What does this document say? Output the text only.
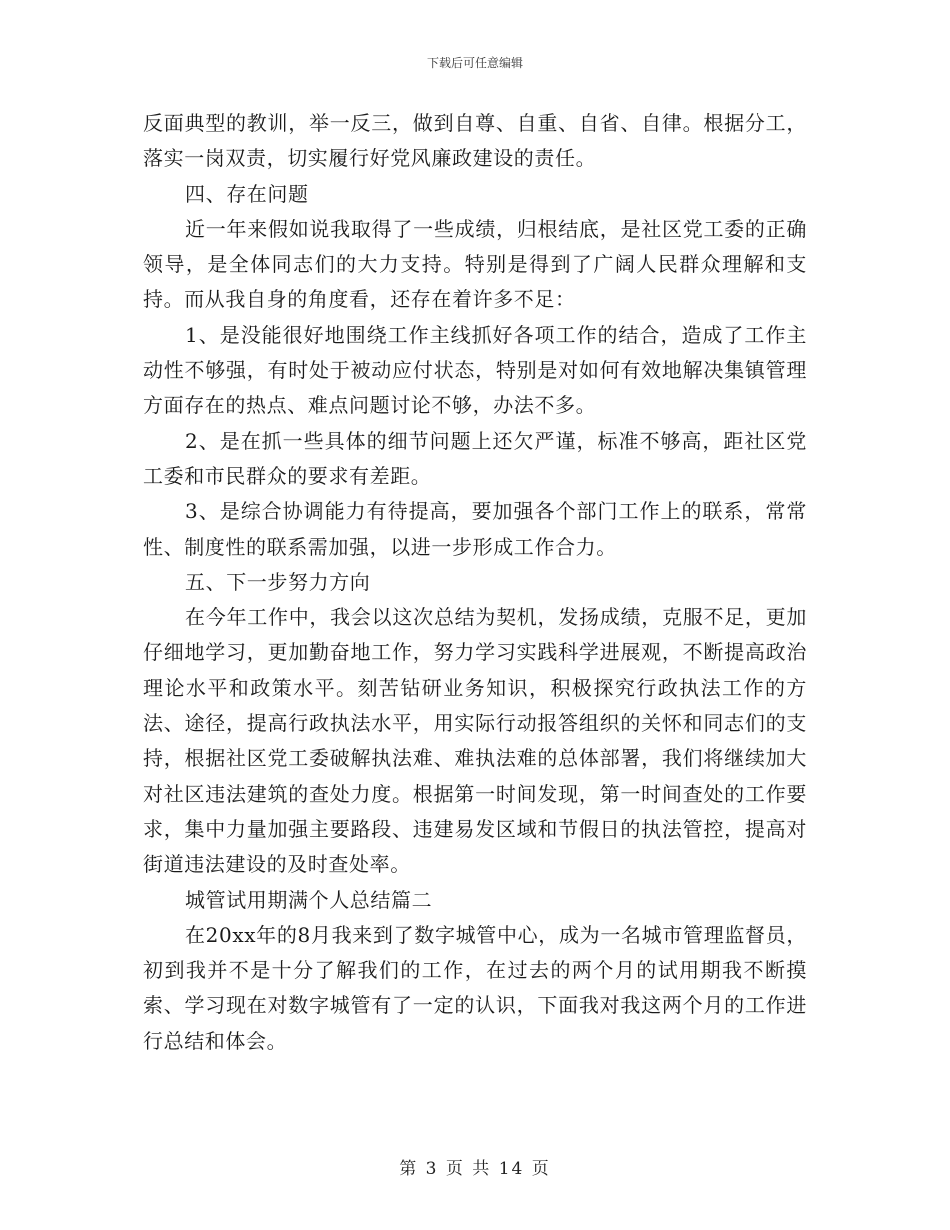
下载后可任意编辑

反面典型的教训，举一反三，做到自尊、自重、自省、自律。根据分工，落实一岗双责，切实履行好党风廉政建设的责任。

四、存在问题

近一年来假如说我取得了一些成绩，归根结底，是社区党工委的正确领导，是全体同志们的大力支持。特别是得到了广阔人民群众理解和支持。而从我自身的角度看，还存在着许多不足：

1、是没能很好地围绕工作主线抓好各项工作的结合，造成了工作主动性不够强，有时处于被动应付状态，特别是对如何有效地解决集镇管理方面存在的热点、难点问题讨论不够，办法不多。

2、是在抓一些具体的细节问题上还欠严谨，标准不够高，距社区党工委和市民群众的要求有差距。

3、是综合协调能力有待提高，要加强各个部门工作上的联系，常常性、制度性的联系需加强，以进一步形成工作合力。

五、下一步努力方向

在今年工作中，我会以这次总结为契机，发扬成绩，克服不足，更加仔细地学习，更加勤奋地工作，努力学习实践科学进展观，不断提高政治理论水平和政策水平。刻苦钻研业务知识，积极探究行政执法工作的方法、途径，提高行政执法水平，用实际行动报答组织的关怀和同志们的支持，根据社区党工委破解执法难、难执法难的总体部署，我们将继续加大对社区违法建筑的查处力度。根据第一时间发现，第一时间查处的工作要求，集中力量加强主要路段、违建易发区域和节假日的执法管控，提高对街道违法建设的及时查处率。

城管试用期满个人总结篇二

在20xx年的8月我来到了数字城管中心，成为一名城市管理监督员，初到我并不是十分了解我们的工作，在过去的两个月的试用期我不断摸索、学习现在对数字城管有了一定的认识，下面我对我这两个月的工作进行总结和体会。

第 3 页 共 14 页
